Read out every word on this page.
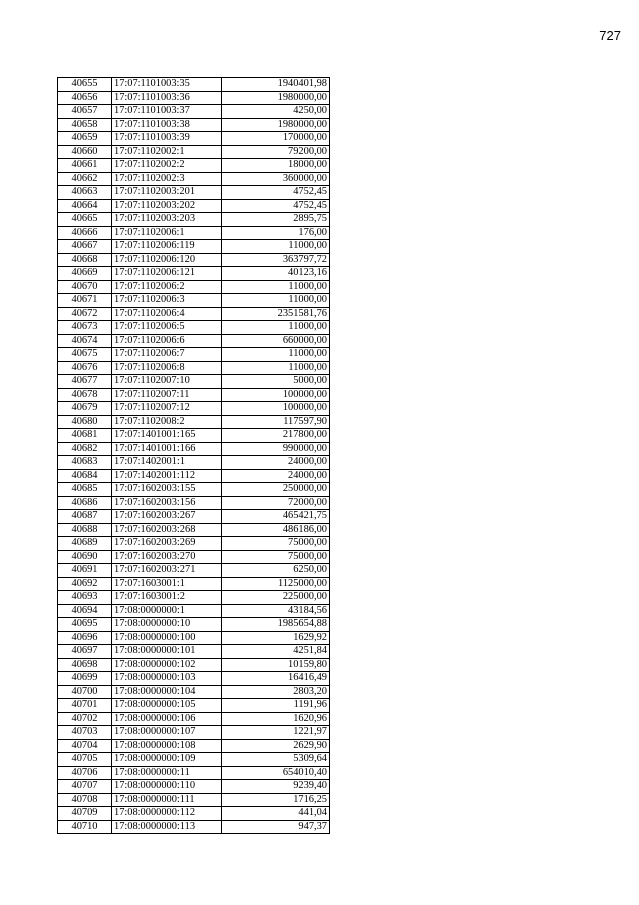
727
40655	17:07:1101003:35	1940401,98
40656	17:07:1101003:36	1980000,00
40657	17:07:1101003:37	4250,00
40658	17:07:1101003:38	1980000,00
40659	17:07:1101003:39	170000,00
40660	17:07:1102002:1	79200,00
40661	17:07:1102002:2	18000,00
40662	17:07:1102002:3	360000,00
40663	17:07:1102003:201	4752,45
40664	17:07:1102003:202	4752,45
40665	17:07:1102003:203	2895,75
40666	17:07:1102006:1	176,00
40667	17:07:1102006:119	11000,00
40668	17:07:1102006:120	363797,72
40669	17:07:1102006:121	40123,16
40670	17:07:1102006:2	11000,00
40671	17:07:1102006:3	11000,00
40672	17:07:1102006:4	2351581,76
40673	17:07:1102006:5	11000,00
40674	17:07:1102006:6	660000,00
40675	17:07:1102006:7	11000,00
40676	17:07:1102006:8	11000,00
40677	17:07:1102007:10	5000,00
40678	17:07:1102007:11	100000,00
40679	17:07:1102007:12	100000,00
40680	17:07:1102008:2	117597,90
40681	17:07:1401001:165	217800,00
40682	17:07:1401001:166	990000,00
40683	17:07:1402001:1	24000,00
40684	17:07:1402001:112	24000,00
40685	17:07:1602003:155	250000,00
40686	17:07:1602003:156	72000,00
40687	17:07:1602003:267	465421,75
40688	17:07:1602003:268	486186,00
40689	17:07:1602003:269	75000,00
40690	17:07:1602003:270	75000,00
40691	17:07:1602003:271	6250,00
40692	17:07:1603001:1	1125000,00
40693	17:07:1603001:2	225000,00
40694	17:08:0000000:1	43184,56
40695	17:08:0000000:10	1985654,88
40696	17:08:0000000:100	1629,92
40697	17:08:0000000:101	4251,84
40698	17:08:0000000:102	10159,80
40699	17:08:0000000:103	16416,49
40700	17:08:0000000:104	2803,20
40701	17:08:0000000:105	1191,96
40702	17:08:0000000:106	1620,96
40703	17:08:0000000:107	1221,97
40704	17:08:0000000:108	2629,90
40705	17:08:0000000:109	5309,64
40706	17:08:0000000:11	654010,40
40707	17:08:0000000:110	9239,40
40708	17:08:0000000:111	1716,25
40709	17:08:0000000:112	441,04
40710	17:08:0000000:113	947,37
